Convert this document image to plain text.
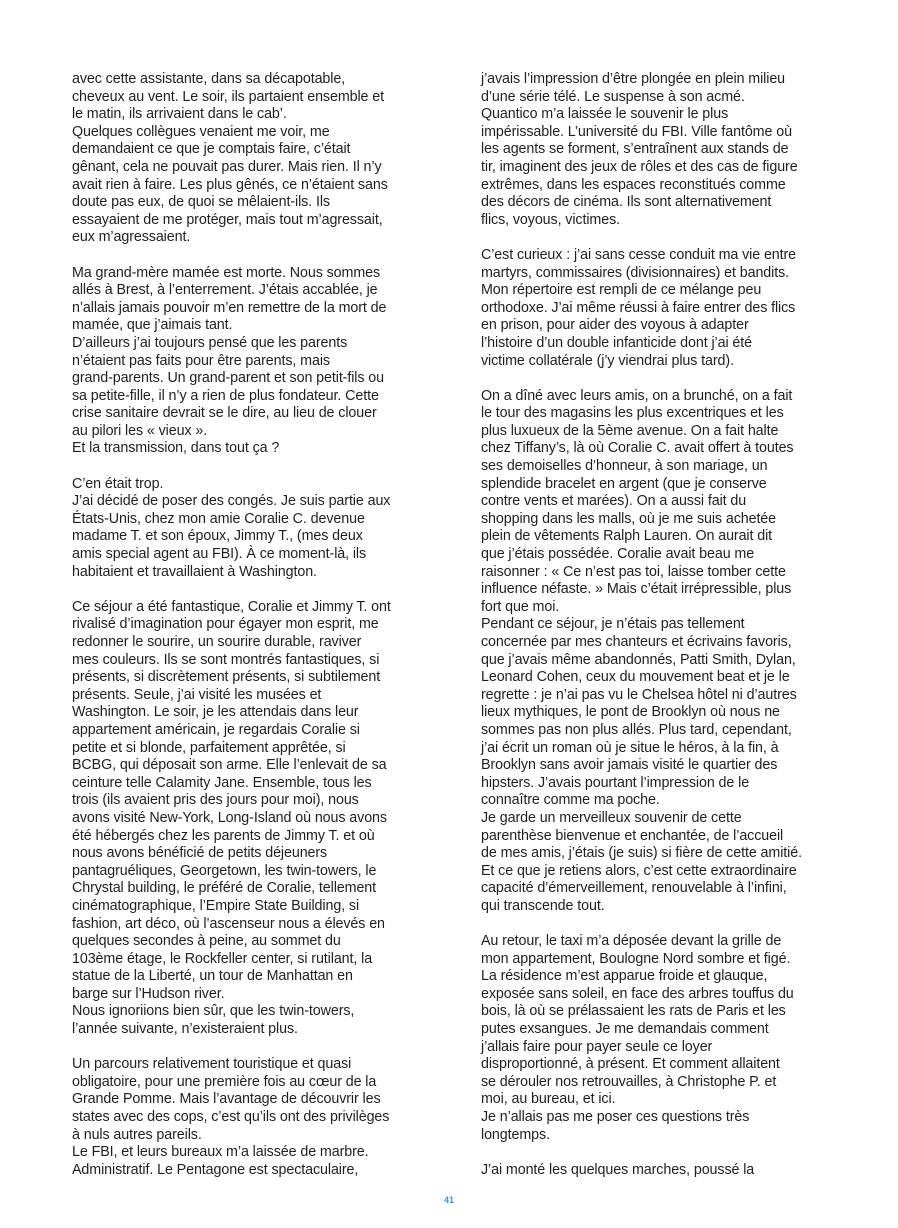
avec cette assistante, dans sa décapotable,
cheveux au vent. Le soir, ils partaient ensemble et
le matin, ils arrivaient dans le cab’.
Quelques collègues venaient me voir, me
demandaient ce que je comptais faire, c’était
gênant, cela ne pouvait pas durer. Mais rien. Il n’y
avait rien à faire. Les plus gênés, ce n’étaient sans
doute pas eux, de quoi se mêlaient-ils. Ils
essayaient de me protéger, mais tout m’agressait,
eux m’agressaient.

Ma grand-mère mamée est morte. Nous sommes
allés à Brest, à l’enterrement. J’étais accablée, je
n’allais jamais pouvoir m’en remettre de la mort de
mamée, que j’aimais tant.
D’ailleurs j’ai toujours pensé que les parents
n’étaient pas faits pour être parents, mais
grand-parents. Un grand-parent et son petit-fils ou
sa petite-fille, il n’y a rien de plus fondateur. Cette
crise sanitaire devrait se le dire, au lieu de clouer
au pilori les « vieux ».
Et la transmission, dans tout ça ?

C’en était trop.
J’ai décidé de poser des congés. Je suis partie aux
États-Unis, chez mon amie Coralie C. devenue
madame T. et son époux, Jimmy T., (mes deux
amis special agent au FBI). À ce moment-là, ils
habitaient et travaillaient à Washington.

Ce séjour a été fantastique, Coralie et Jimmy T. ont
rivalisé d’imagination pour égayer mon esprit, me
redonner le sourire, un sourire durable, raviver
mes couleurs. Ils se sont montrés fantastiques, si
présents, si discrètement présents, si subtilement
présents. Seule, j’ai visité les musées et
Washington. Le soir, je les attendais dans leur
appartement américain, je regardais Coralie si
petite et si blonde, parfaitement apprêtée, si
BCBG, qui déposait son arme. Elle l’enlevait de sa
ceinture telle Calamity Jane. Ensemble, tous les
trois (ils avaient pris des jours pour moi), nous
avons visité New-York, Long-Island où nous avons
été hébergés chez les parents de Jimmy T. et où
nous avons bénéficié de petits déjeuners
pantagruéliques, Georgetown, les twin-towers, le
Chrystal building, le préféré de Coralie, tellement
cinématographique, l’Empire State Building, si
fashion, art déco, où l’ascenseur nous a élevés en
quelques secondes à peine, au sommet du
103ème étage, le Rockfeller center, si rutilant, la
statue de la Liberté, un tour de Manhattan en
barge sur l’Hudson river.
Nous ignoriions bien sûr, que les twin-towers,
l’année suivante, n’existeraient plus.

Un parcours relativement touristique et quasi
obligatoire, pour une première fois au cœur de la
Grande Pomme. Mais l’avantage de découvrir les
states avec des cops, c’est qu’ils ont des privilèges
à nuls autres pareils.
Le FBI, et leurs bureaux m’a laissée de marbre.
Administratif. Le Pentagone est spectaculaire,

j’avais l’impression d’être plongée en plein milieu
d’une série télé. Le suspense à son acmé.
Quantico m’a laissée le souvenir le plus
impérissable. L’université du FBI. Ville fantôme où
les agents se forment, s’entraînent aux stands de
tir, imaginent des jeux de rôles et des cas de figure
extrêmes, dans les espaces reconstitués comme
des décors de cinéma. Ils sont alternativement
flics, voyous, victimes.

C’est curieux : j’ai sans cesse conduit ma vie entre
martyrs, commissaires (divisionnaires) et bandits.
Mon répertoire est rempli de ce mélange peu
orthodoxe. J’ai même réussi à faire entrer des flics
en prison, pour aider des voyous à adapter
l’histoire d’un double infanticide dont j’ai été
victime collatérale (j’y viendrai plus tard).

On a dîné avec leurs amis, on a brunché, on a fait
le tour des magasins les plus excentriques et les
plus luxueux de la 5ème avenue. On a fait halte
chez Tiffany’s, là où Coralie C. avait offert à toutes
ses demoiselles d’honneur, à son mariage, un
splendide bracelet en argent (que je conserve
contre vents et marées). On a aussi fait du
shopping dans les malls, où je me suis achetée
plein de vêtements Ralph Lauren. On aurait dit
que j’étais possédée. Coralie avait beau me
raisonner : « Ce n’est pas toi, laisse tomber cette
influence néfaste. » Mais c’était irrépressible, plus
fort que moi.
Pendant ce séjour, je n’étais pas tellement
concernée par mes chanteurs et écrivains favoris,
que j’avais même abandonnés, Patti Smith, Dylan,
Leonard Cohen, ceux du mouvement beat et je le
regrette : je n’ai pas vu le Chelsea hôtel ni d’autres
lieux mythiques, le pont de Brooklyn où nous ne
sommes pas non plus allés. Plus tard, cependant,
j’ai écrit un roman où je situe le héros, à la fin, à
Brooklyn sans avoir jamais visité le quartier des
hipsters. J’avais pourtant l’impression de le
connaître comme ma poche.
Je garde un merveilleux souvenir de cette
parenthèse bienvenue et enchantée, de l’accueil
de mes amis, j’étais (je suis) si fière de cette amitié.
Et ce que je retiens alors, c’est cette extraordinaire
capacité d’émerveillement, renouvelable à l’infini,
qui transcende tout.

Au retour, le taxi m’a déposée devant la grille de
mon appartement, Boulogne Nord sombre et figé.
La résidence m’est apparue froide et glauque,
exposée sans soleil, en face des arbres touffus du
bois, là où se prélassaient les rats de Paris et les
putes exsangues. Je me demandais comment
j’allais faire pour payer seule ce loyer
disproportionné, à présent. Et comment allaitent
se dérouler nos retrouvailles, à Christophe P. et
moi, au bureau, et ici.
Je n’allais pas me poser ces questions très
longtemps.

J’ai monté les quelques marches, poussé la

41
